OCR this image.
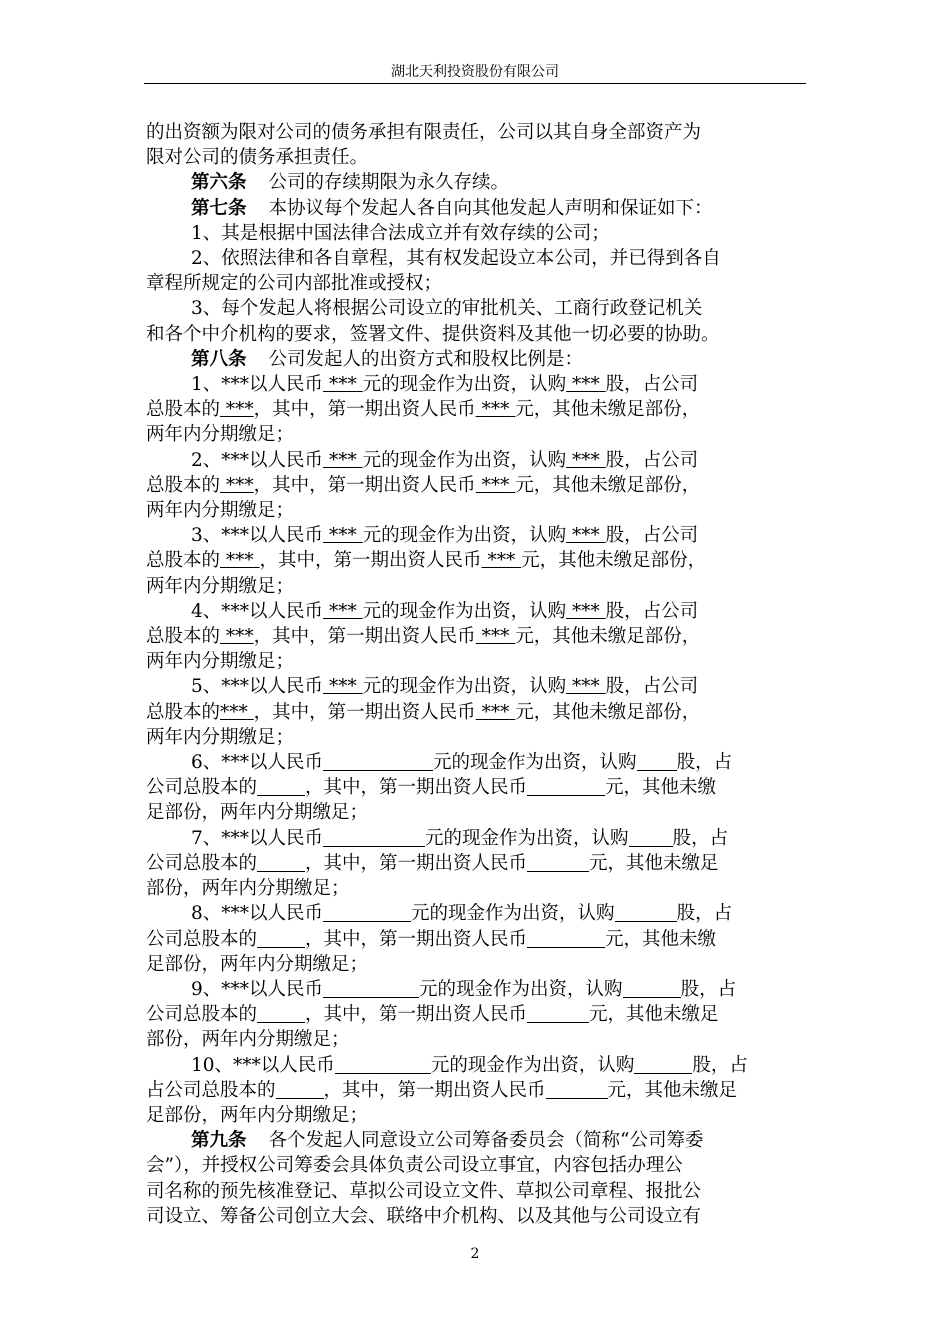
湖北天利投资股份有限公司

的出资额为限对公司的债务承担有限责任，公司以其自身全部资产为

限对公司的债务承担责任。

第六条 公司的存续期限为永久存续。

第七条 本协议每个发起人各自向其他发起人声明和保证如下：

1、其是根据中国法律合法成立并有效存续的公司；

2、依照法律和各自章程，其有权发起设立本公司，并已得到各自

章程所规定的公司内部批准或授权；

3、每个发起人将根据公司设立的审批机关、工商行政登记机关

和各个中介机构的要求，签署文件、提供资料及其他一切必要的协助。

第八条 公司发起人的出资方式和股权比例是：

1、***以人民币 *** 元的现金作为出资，认购 *** 股，占公司

总股本的 ***，其中，第一期出资人民币 *** 元，其他未缴足部份，

两年内分期缴足；

2、***以人民币 *** 元的现金作为出资，认购 *** 股，占公司

总股本的 ***，其中，第一期出资人民币 *** 元，其他未缴足部份，

两年内分期缴足；

3、***以人民币 *** 元的现金作为出资，认购 *** 股，占公司

总股本的 *** ，其中，第一期出资人民币 *** 元，其他未缴足部份，

两年内分期缴足；

4、***以人民币 *** 元的现金作为出资，认购 *** 股，占公司

总股本的 ***，其中，第一期出资人民币 *** 元，其他未缴足部份，

两年内分期缴足；

5、***以人民币 *** 元的现金作为出资，认购 *** 股，占公司

总股本的*** ，其中，第一期出资人民币 *** 元，其他未缴足部份，

两年内分期缴足；

6、***以人民币	元的现金作为出资，认购 股，占

公司总股本的	，其中，第一期出资人民币	元，其他未缴

足部份，两年内分期缴足；

7、***以人民币	元的现金作为出资，认购 股，占

公司总股本的	，其中，第一期出资人民币	元，其他未缴足

部份，两年内分期缴足；

8、***以人民币	元的现金作为出资，认购	股，占

公司总股本的	，其中，第一期出资人民币	元，其他未缴

足部份，两年内分期缴足；

9、***以人民币	元的现金作为出资，认购	股，占

公司总股本的	，其中，第一期出资人民币	元，其他未缴足

部份，两年内分期缴足；

10、***以人民币	元的现金作为出资，认购	股，占

占公司总股本的	，其中，第一期出资人民币	元，其他未缴足

足部份，两年内分期缴足；

第九条 各个发起人同意设立公司筹备委员会（简称“公司筹委

会”），并授权公司筹委会具体负责公司设立事宜，内容包括办理公

司名称的预先核准登记、草拟公司设立文件、草拟公司章程、报批公

司设立、筹备公司创立大会、联络中介机构、以及其他与公司设立有

2
